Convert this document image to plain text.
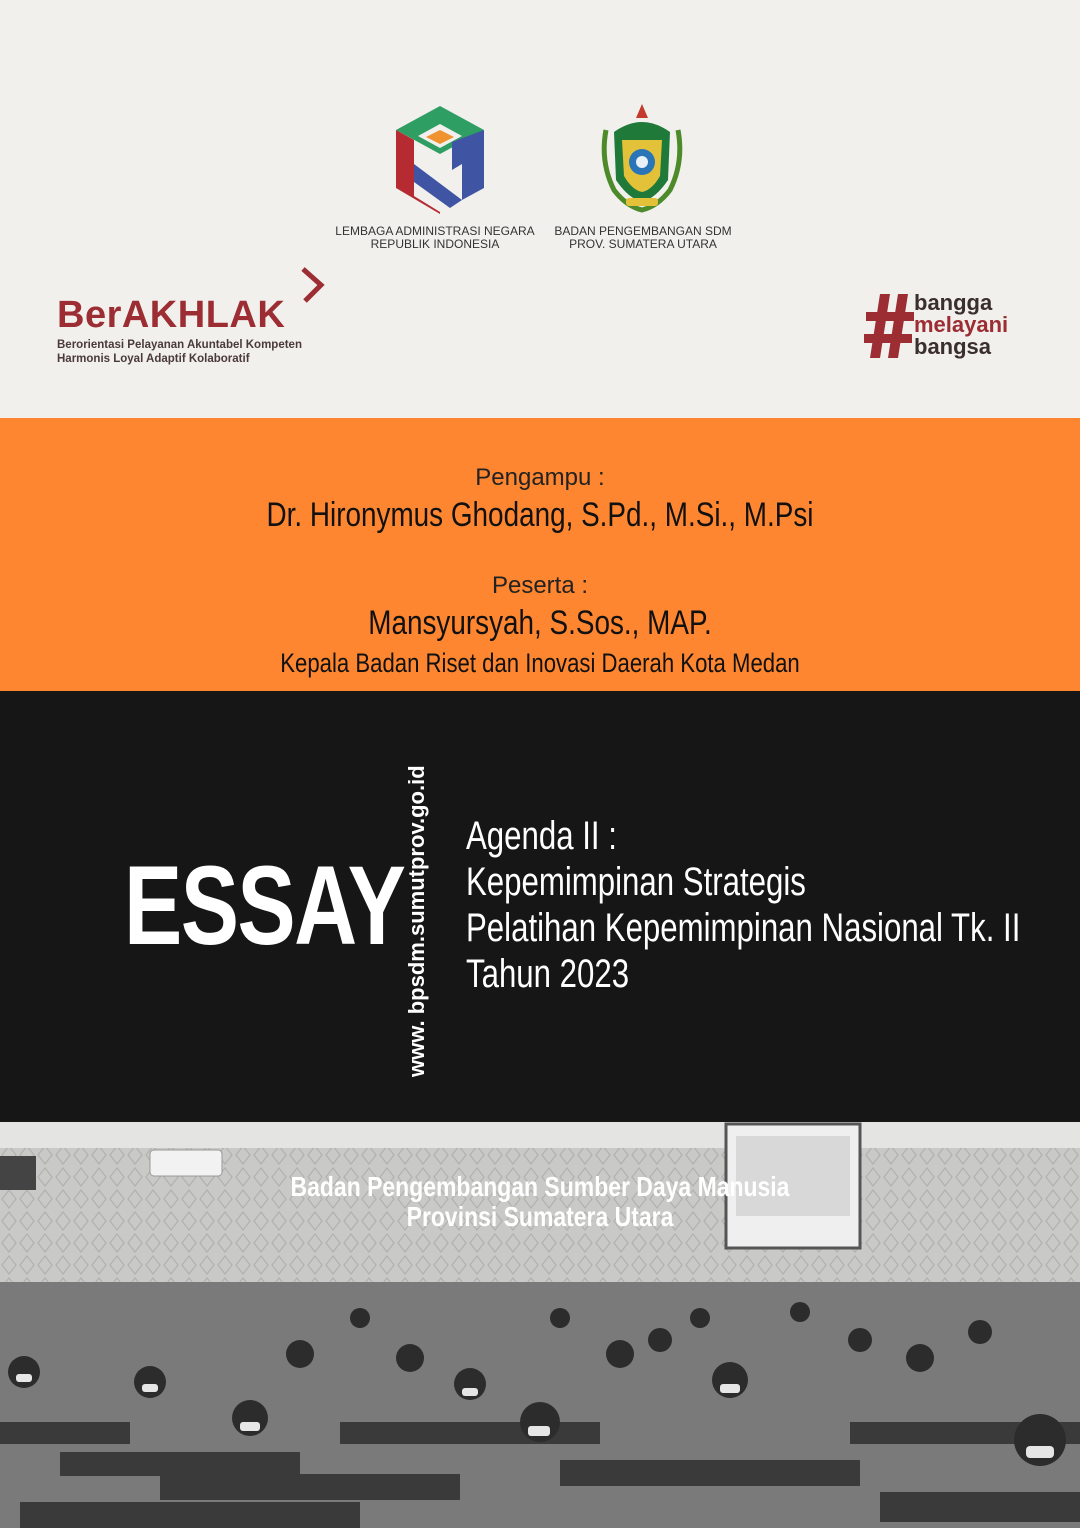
LEMBAGA ADMINISTRASI NEGARA
REPUBLIK INDONESIA
BADAN PENGEMBANGAN SDM
PROV. SUMATERA UTARA
BerAKHLAK
Berorientasi Pelayanan Akuntabel Kompeten
Harmonis Loyal Adaptif Kolaboratif
bangga
melayani
bangsa
Pengampu :
Dr. Hironymus Ghodang, S.Pd., M.Si., M.Psi
Peserta :
Mansyursyah, S.Sos., MAP.
Kepala Badan Riset dan Inovasi Daerah Kota Medan
ESSAY www. bpsdm.sumutprov.go.id Agenda II :
Kepemimpinan Strategis
Pelatihan Kepemimpinan Nasional Tk. II
Tahun 2023
Badan Pengembangan Sumber Daya Manusia
Provinsi Sumatera Utara
